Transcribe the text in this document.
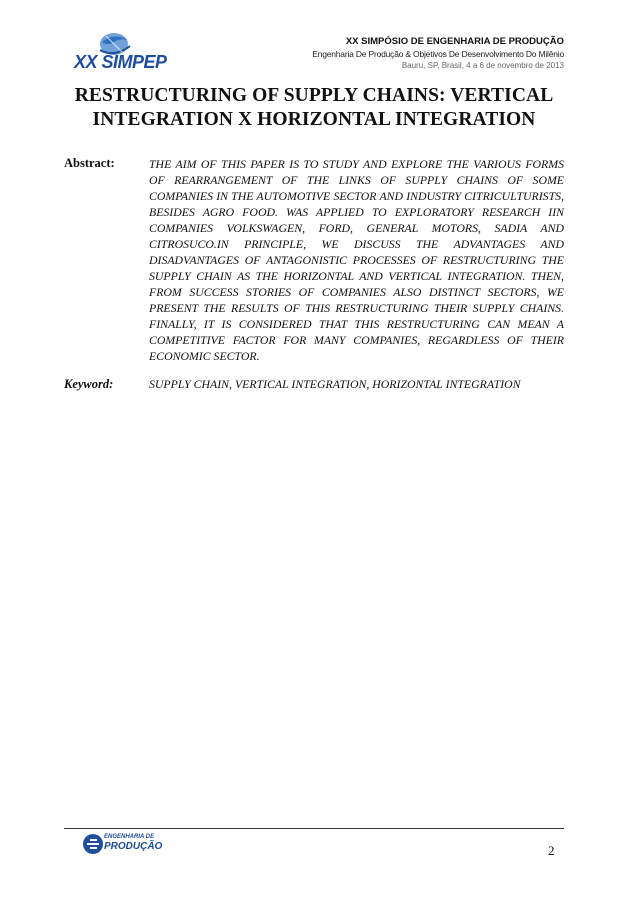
XX SIMPEP
XX SIMPÓSIO DE ENGENHARIA DE PRODUÇÃO
Engenharia De Produção & Objetivos De Desenvolvimento Do Milênio
Bauru, SP, Brasil, 4 a 6 de novembro de 2013
RESTRUCTURING OF SUPPLY CHAINS: VERTICAL
INTEGRATION X HORIZONTAL INTEGRATION
Abstract:	THE AIM OF THIS PAPER IS TO STUDY AND EXPLORE THE VARIOUS FORMS OF REARRANGEMENT OF THE LINKS OF SUPPLY CHAINS OF SOME COMPANIES IN THE AUTOMOTIVE SECTOR AND INDUSTRY CITRICULTURISTS, BESIDES AGRO FOOD. WAS APPLIED TO EXPLORATORY RESEARCH IIN COMPANIES VOLKSWAGEN, FORD, GENERAL MOTORS, SADIA AND CITROSUCO.IN PRINCIPLE, WE DISCUSS THE ADVANTAGES AND DISADVANTAGES OF ANTAGONISTIC PROCESSES OF RESTRUCTURING THE SUPPLY CHAIN AS THE HORIZONTAL AND VERTICAL INTEGRATION. THEN, FROM SUCCESS STORIES OF COMPANIES ALSO DISTINCT SECTORS, WE PRESENT THE RESULTS OF THIS RESTRUCTURING THEIR SUPPLY CHAINS. FINALLY, IT IS CONSIDERED THAT THIS RESTRUCTURING CAN MEAN A COMPETITIVE FACTOR FOR MANY COMPANIES, REGARDLESS OF THEIR ECONOMIC SECTOR.
Keyword:	SUPPLY CHAIN, VERTICAL INTEGRATION, HORIZONTAL INTEGRATION
ENGENHARIA DE
PRODUÇÃO	2
